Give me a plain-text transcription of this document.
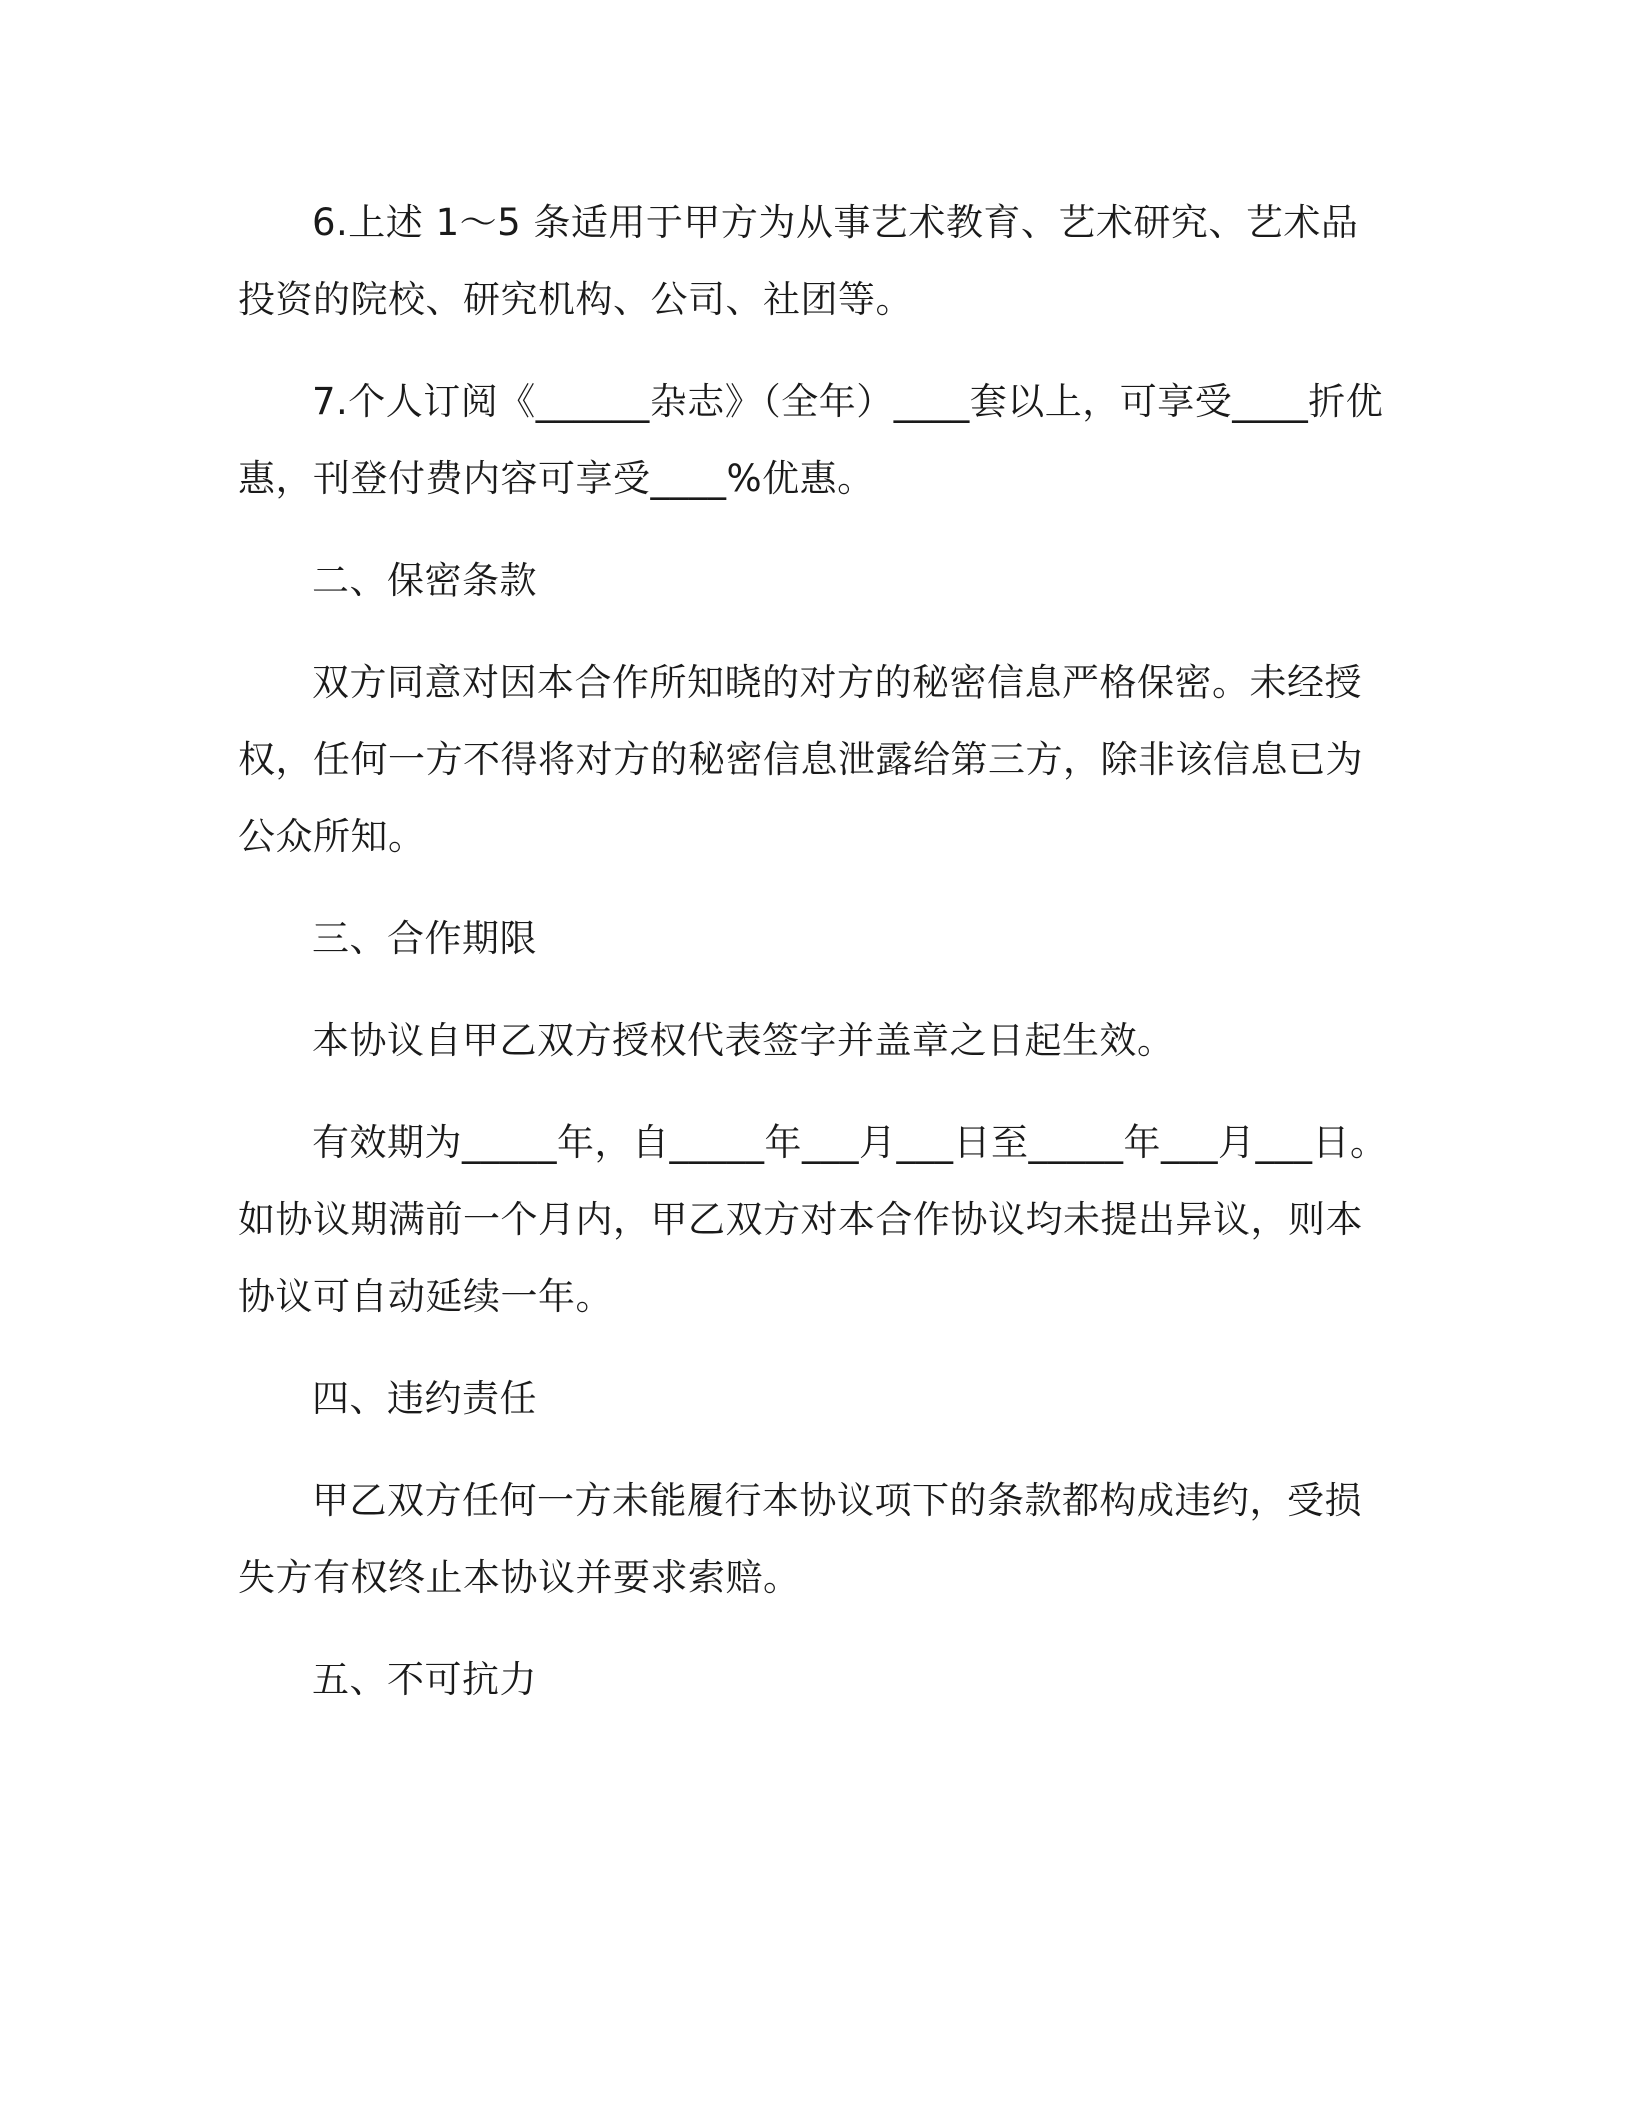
6.上述 1～5 条适用于甲方为从事艺术教育、艺术研究、艺术品投资的院校、研究机构、公司、社团等。

7.个人订阅《______杂志》（全年）____套以上，可享受____折优惠，刊登付费内容可享受____%优惠。

二、保密条款

双方同意对因本合作所知晓的对方的秘密信息严格保密。未经授权，任何一方不得将对方的秘密信息泄露给第三方，除非该信息已为公众所知。

三、合作期限

本协议自甲乙双方授权代表签字并盖章之日起生效。

有效期为_____年，自_____年___月___日至_____年___月___日。如协议期满前一个月内，甲乙双方对本合作协议均未提出异议，则本协议可自动延续一年。

四、违约责任

甲乙双方任何一方未能履行本协议项下的条款都构成违约，受损失方有权终止本协议并要求索赔。

五、不可抗力
